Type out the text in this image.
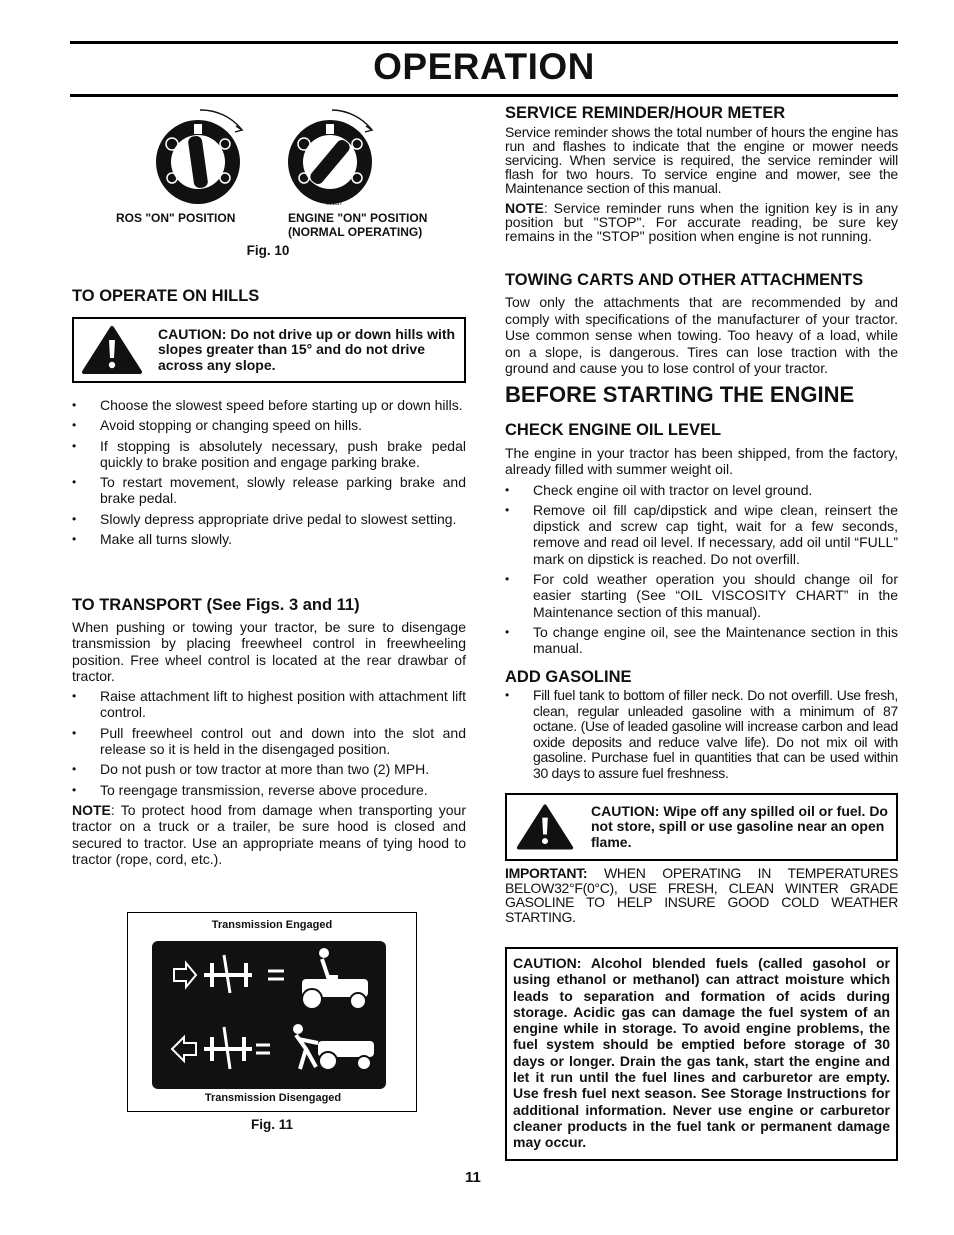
OPERATION
02857
ROS "ON" POSITION	ENGINE "ON" POSITION
(NORMAL OPERATING)
Fig. 10
TO OPERATE ON HILLS
CAUTION: Do not drive up or down hills with slopes greater than 15° and do not drive across any slope.
• Choose the slowest speed before starting up or down hills.
• Avoid stopping or changing speed on hills.
• If stopping is absolutely necessary, push brake pedal quickly to brake position and engage parking brake.
• To restart movement, slowly release parking brake and brake pedal.
• Slowly depress appropriate drive pedal to slowest setting.
• Make all turns slowly.
TO TRANSPORT (See Figs. 3 and 11)

When pushing or towing your tractor, be sure to disengage transmission by placing freewheel control in freewheeling position. Free wheel control is located at the rear drawbar of tractor.

• Raise attachment lift to highest position with attachment lift control.
• Pull freewheel control out and down into the slot and release so it is held in the disengaged position.
• Do not push or tow tractor at more than two (2) MPH.
• To reengage transmission, reverse above procedure.

NOTE: To protect hood from damage when transporting your tractor on a truck or a trailer, be sure hood is closed and secured to tractor. Use an appropriate means of tying hood to tractor (rope, cord, etc.).

Transmission Engaged
Transmission Disengaged
Fig. 11
SERVICE REMINDER/HOUR METER

Service reminder shows the total number of hours the engine has run and flashes to indicate that the engine or mower needs servicing. When service is required, the service reminder will flash for two hours. To service engine and mower, see the Maintenance section of this manual.

NOTE: Service reminder runs when the ignition key is in any position but "STOP". For accurate reading, be sure key remains in the "STOP" position when engine is not running.

TOWING CARTS AND OTHER ATTACHMENTS

Tow only the attachments that are recommended by and comply with specifications of the manufacturer of your tractor. Use common sense when towing. Too heavy of a load, while on a slope, is dangerous. Tires can lose traction with the ground and cause you to lose control of your tractor.

BEFORE STARTING THE ENGINE
CHECK ENGINE OIL LEVEL

The engine in your tractor has been shipped, from the factory, already filled with summer weight oil.

• Check engine oil with tractor on level ground.
• Remove oil fill cap/dipstick and wipe clean, reinsert the dipstick and screw cap tight, wait for a few seconds, remove and read oil level. If necessary, add oil until “FULL” mark on dipstick is reached. Do not overfill.
• For cold weather operation you should change oil for easier starting (See “OIL VISCOSITY CHART” in the Maintenance section of this manual).
• To change engine oil, see the Maintenance section in this manual.
ADD GASOLINE
• Fill fuel tank to bottom of filler neck. Do not overfill. Use fresh, clean, regular unleaded gasoline with a minimum of 87 octane. (Use of leaded gasoline will increase carbon and lead oxide deposits and reduce valve life). Do not mix oil with gasoline. Purchase fuel in quantities that can be used within 30 days to assure fuel freshness.
CAUTION: Wipe off any spilled oil or fuel. Do not store, spill or use gasoline near an open flame.

IMPORTANT: WHEN OPERATING IN TEMPERATURES BELOW32°F(0°C), USE FRESH, CLEAN WINTER GRADE GASOLINE TO HELP INSURE GOOD COLD WEATHER STARTING.

CAUTION: Alcohol blended fuels (called gasohol or using ethanol or methanol) can attract moisture which leads to separation and formation of acids during storage. Acidic gas can damage the fuel system of an engine while in storage. To avoid engine problems, the fuel system should be emptied before storage of 30 days or longer. Drain the gas tank, start the engine and let it run until the fuel lines and carburetor are empty. Use fresh fuel next season. See Storage Instructions for additional information. Never use engine or carburetor cleaner products in the fuel tank or permanent damage may occur.

11
